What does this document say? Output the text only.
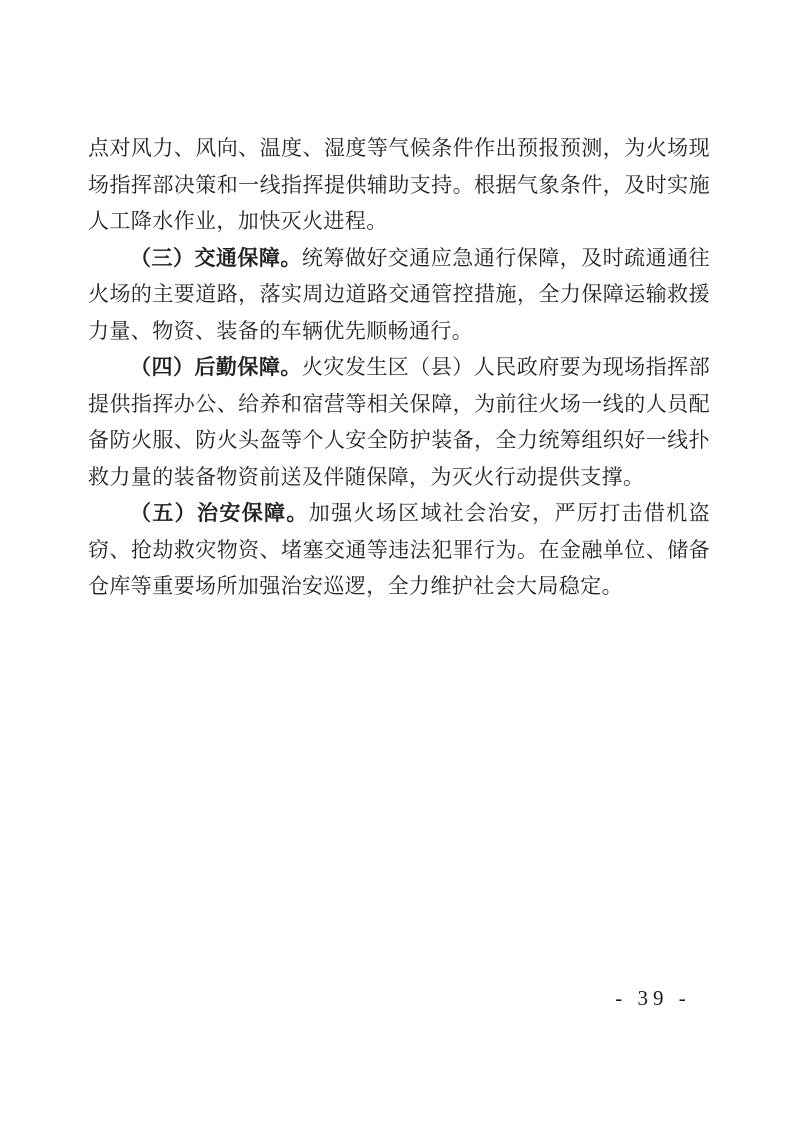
点对风力、风向、温度、湿度等气候条件作出预报预测，为火场现场指挥部决策和一线指挥提供辅助支持。根据气象条件，及时实施人工降水作业，加快灭火进程。

（三）交通保障。统筹做好交通应急通行保障，及时疏通通往火场的主要道路，落实周边道路交通管控措施，全力保障运输救援力量、物资、装备的车辆优先顺畅通行。

（四）后勤保障。火灾发生区（县）人民政府要为现场指挥部提供指挥办公、给养和宿营等相关保障，为前往火场一线的人员配备防火服、防火头盔等个人安全防护装备，全力统筹组织好一线扑救力量的装备物资前送及伴随保障，为灭火行动提供支撑。

（五）治安保障。加强火场区域社会治安，严厉打击借机盗窃、抢劫救灾物资、堵塞交通等违法犯罪行为。在金融单位、储备仓库等重要场所加强治安巡逻，全力维护社会大局稳定。

- 39 -
